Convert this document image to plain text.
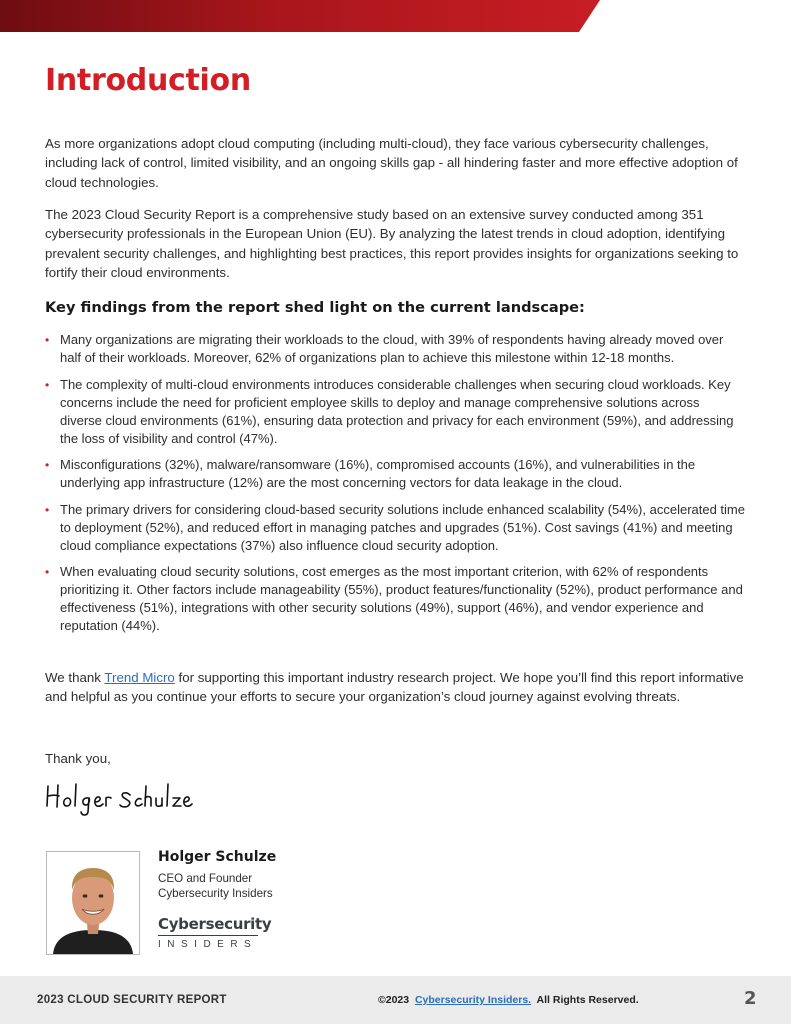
Introduction

As more organizations adopt cloud computing (including multi-cloud), they face various cybersecurity challenges, including lack of control, limited visibility, and an ongoing skills gap - all hindering faster and more effective adoption of cloud technologies.

The 2023 Cloud Security Report is a comprehensive study based on an extensive survey conducted among 351 cybersecurity professionals in the European Union (EU). By analyzing the latest trends in cloud adoption, identifying prevalent security challenges, and highlighting best practices, this report provides insights for organizations seeking to fortify their cloud environments.

Key findings from the report shed light on the current landscape:
• Many organizations are migrating their workloads to the cloud, with 39% of respondents having already moved over half of their workloads. Moreover, 62% of organizations plan to achieve this milestone within 12-18 months.
• The complexity of multi-cloud environments introduces considerable challenges when securing cloud workloads. Key concerns include the need for proficient employee skills to deploy and manage comprehensive solutions across diverse cloud environments (61%), ensuring data protection and privacy for each environment (59%), and addressing the loss of visibility and control (47%).
• Misconfigurations (32%), malware/ransomware (16%), compromised accounts (16%), and vulnerabilities in the underlying app infrastructure (12%) are the most concerning vectors for data leakage in the cloud.
• The primary drivers for considering cloud-based security solutions include enhanced scalability (54%), accelerated time to deployment (52%), and reduced effort in managing patches and upgrades (51%). Cost savings (41%) and meeting cloud compliance expectations (37%) also influence cloud security adoption.
• When evaluating cloud security solutions, cost emerges as the most important criterion, with 62% of respondents prioritizing it. Other factors include manageability (55%), product features/functionality (52%), product performance and effectiveness (51%), integrations with other security solutions (49%), support (46%), and vendor experience and reputation (44%).

We thank Trend Micro for supporting this important industry research project. We hope you’ll find this report informative and helpful as you continue your efforts to secure your organization’s cloud journey against evolving threats.

Thank you,

Holger Schulze

CEO and Founder

Cybersecurity Insiders

Cybersecurity

INSIDERS

2023 CLOUD SECURITY REPORT	©2023 Cybersecurity Insiders. All Rights Reserved.	2
